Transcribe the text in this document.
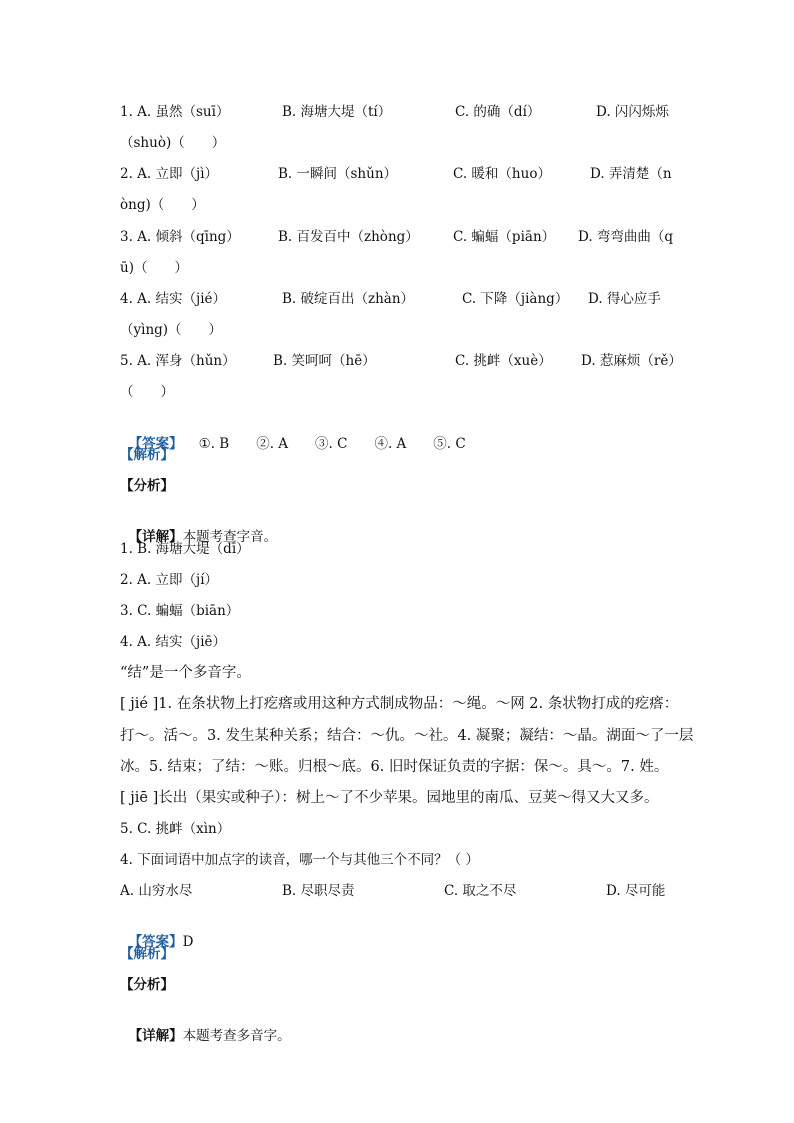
1. A. 虽然（suī）	B. 海塘大堤（tí）	C. 的确（dí）	D. 闪闪烁烁
（shuò)（　　）
2. A. 立即（jì）	B. 一瞬间（shǔn）	C. 暖和（huo）	D. 弄清楚（n
òng)（　　）
3. A. 倾斜（qīng）	B. 百发百中（zhòng）	C. 蝙蝠（piān） D. 弯弯曲曲（q
ū)（　　）
4. A. 结实（jié）	B. 破绽百出（zhàn）	C. 下降（jiàng） D. 得心应手
（yìng)（　　）
5. A. 浑身（hǔn）	B. 笑呵呵（hē）	C. 挑衅（xuè） D. 惹麻烦（rě）
（　　）

【答案】 ①. B　　②. A　　③. C　　④. A　　⑤. C

【解析】
【分析】

【详解】本题考查字音。

1. B. 海塘大堤（dī）
2. A. 立即（jí）
3. C. 蝙蝠（biān）
4. A. 结实（jiē）
“结”是一个多音字。
[ jié ]1. 在条状物上打疙瘩或用这种方式制成物品：～绳。～网 2. 条状物打成的疙瘩：
打～。活～。3. 发生某种关系；结合：～仇。～社。4. 凝聚；凝结：～晶。湖面～了一层
冰。5. 结束；了结：～账。归根～底。6. 旧时保证负责的字据：保～。具～。7. 姓。
[ jiē ]长出（果实或种子）：树上～了不少苹果。园地里的南瓜、豆荚～得又大又多。
5. C. 挑衅（xìn）
4. 下面词语中加点字的读音，哪一个与其他三个不同？（ ）
A. 山穷水尽	B. 尽职尽责	C. 取之不尽	D. 尽可能

【答案】D

【解析】
【分析】

【详解】本题考查多音字。
